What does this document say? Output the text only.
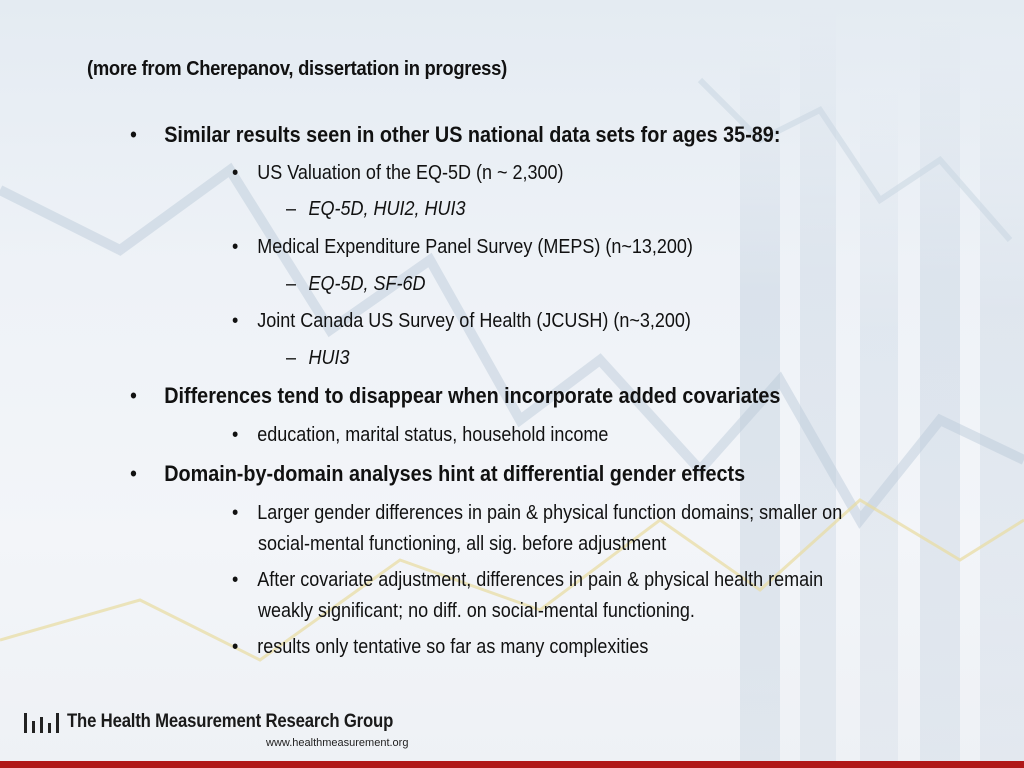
(more from Cherepanov, dissertation in progress)
• Similar results seen in other US national data sets for ages 35-89:
• US Valuation of the EQ-5D (n ~ 2,300)
– EQ-5D, HUI2, HUI3
• Medical Expenditure Panel Survey (MEPS) (n~13,200)
– EQ-5D, SF-6D
• Joint Canada US Survey of Health (JCUSH) (n~3,200)
– HUI3
• Differences tend to disappear when incorporate added covariates
• education, marital status, household income
• Domain-by-domain analyses hint at differential gender effects
• Larger gender differences in pain & physical function domains; smaller on
social-mental functioning, all sig. before adjustment
• After covariate adjustment, differences in pain & physical health remain
weakly significant; no diff. on social-mental functioning.
• results only tentative so far as many complexities
The Health Measurement Research Group
www.healthmeasurement.org
